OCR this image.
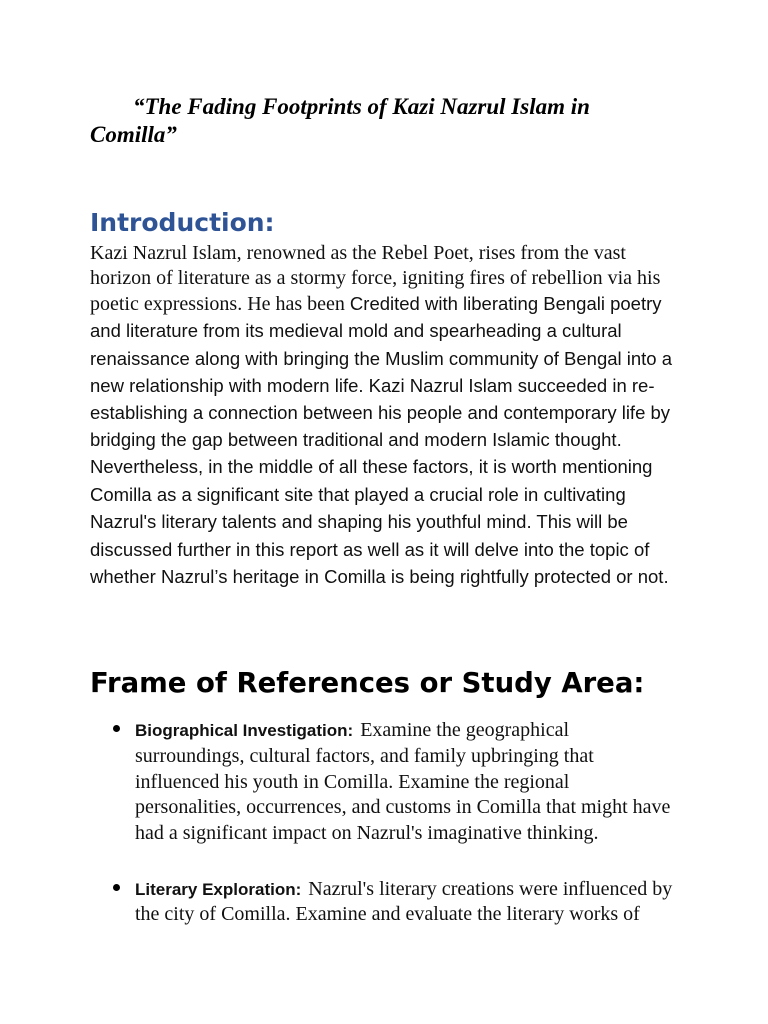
“The Fading Footprints of Kazi Nazrul Islam in
Comilla”
Introduction:
Kazi Nazrul Islam, renowned as the Rebel Poet, rises from the vast
horizon of literature as a stormy force, igniting fires of rebellion via his
poetic expressions. He has been Credited with liberating Bengali poetry
and literature from its medieval mold and spearheading a cultural
renaissance along with bringing the Muslim community of Bengal into a
new relationship with modern life. Kazi Nazrul Islam succeeded in re-
establishing a connection between his people and contemporary life by
bridging the gap between traditional and modern Islamic thought.
Nevertheless, in the middle of all these factors, it is worth mentioning
Comilla as a significant site that played a crucial role in cultivating
Nazrul's literary talents and shaping his youthful mind. This will be
discussed further in this report as well as it will delve into the topic of
whether Nazrul’s heritage in Comilla is being rightfully protected or not.
Frame of References or Study Area:
Biographical Investigation: Examine the geographical
surroundings, cultural factors, and family upbringing that
influenced his youth in Comilla. Examine the regional
personalities, occurrences, and customs in Comilla that might have
had a significant impact on Nazrul's imaginative thinking.
Literary Exploration: Nazrul's literary creations were influenced by
the city of Comilla. Examine and evaluate the literary works of
